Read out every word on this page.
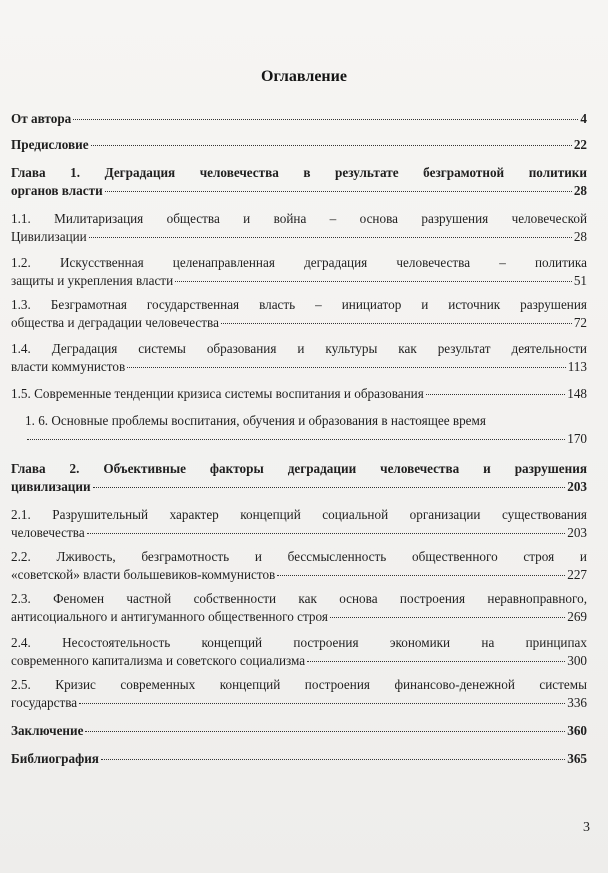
Оглавление
От автора	4
Предисловие	22
Глава 1. Деградация человечества в результате безграмотной политики
органов власти	28
1.1. Милитаризация общества и война – основа разрушения человеческой
Цивилизации	28
1.2. Искусственная целенаправленная деградация человечества – политика
защиты и укрепления власти	51
1.3. Безграмотная государственная власть – инициатор и источник разрушения
общества и деградации человечества	72
1.4. Деградация системы образования и культуры как результат деятельности
власти коммунистов	113
1.5. Современные тенденции кризиса системы воспитания и образования	148
1. 6. Основные проблемы воспитания, обучения и образования в настоящее время
170
Глава 2. Объективные факторы деградации человечества и разрушения
цивилизации	203
2.1. Разрушительный характер концепций социальной организации существования
человечества	203
2.2. Лживость, безграмотность и бессмысленность общественного строя и
«советской» власти большевиков-коммунистов	227
2.3. Феномен частной собственности как основа построения неравноправного,
антисоциального и антигуманного общественного строя	269
2.4. Несостоятельность концепций построения экономики на принципах
современного капитализма и советского социализма	300
2.5. Кризис современных концепций построения финансово-денежной системы
государства	336
Заключение	360
Библиография	365
3
